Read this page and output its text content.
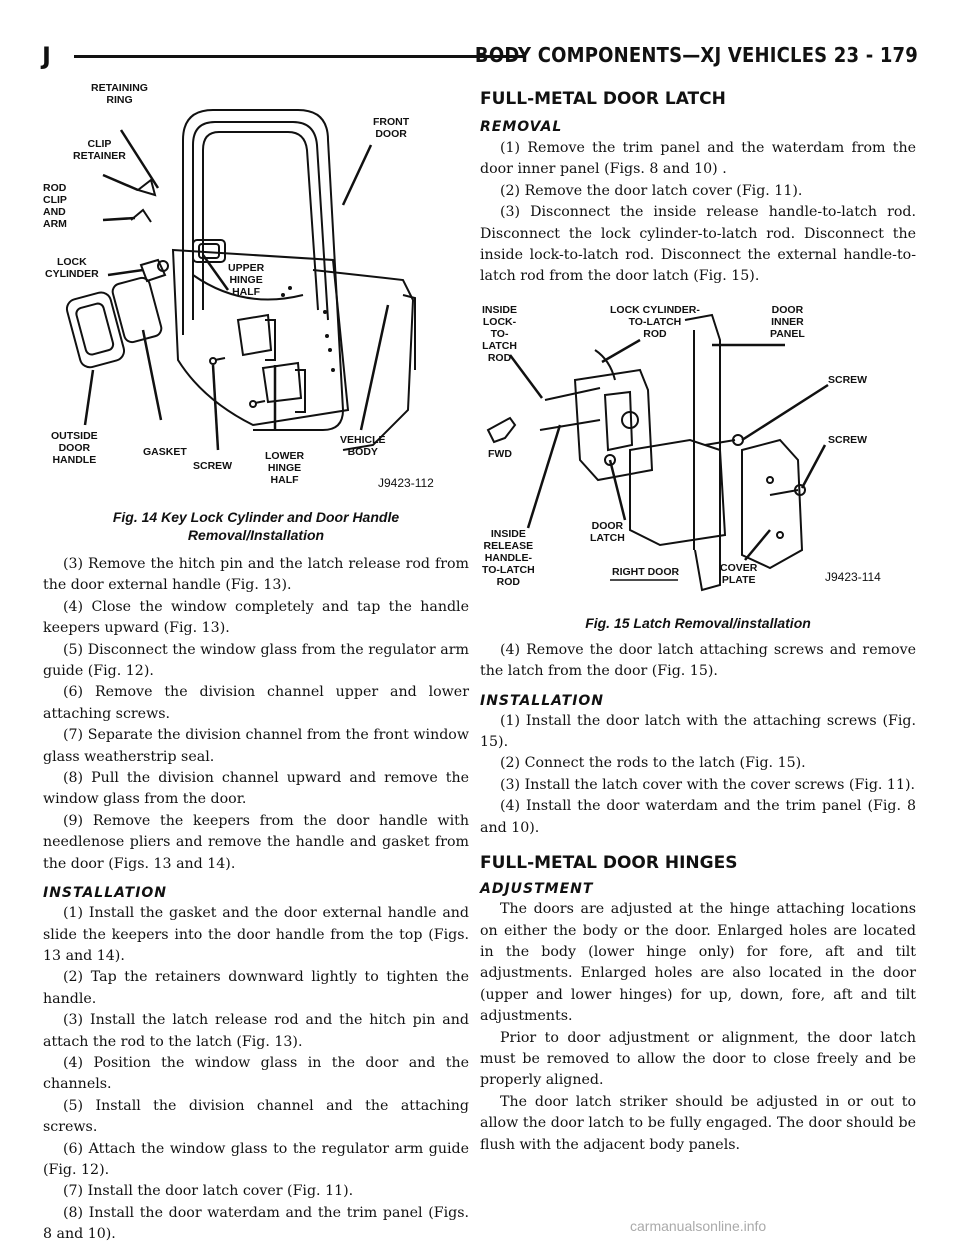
J	BODY COMPONENTS—XJ VEHICLES 23 - 179
RETAINING
RING
CLIP
RETAINER
ROD
CLIP
AND
ARM
LOCK
CYLINDER	UPPER
HINGE
HALF
FRONT
DOOR
OUTSIDE
DOOR
HANDLE
GASKET
SCREW
LOWER
HINGE
HALF
VEHICLE
BODY
J9423-112
Fig. 14 Key Lock Cylinder and Door Handle Removal/Installation

(3) Remove the hitch pin and the latch release rod from the door external handle (Fig. 13).

(4) Close the window completely and tap the handle keepers upward (Fig. 13).

(5) Disconnect the window glass from the regulator arm guide (Fig. 12).

(6) Remove the division channel upper and lower attaching screws.

(7) Separate the division channel from the front window glass weatherstrip seal.

(8) Pull the division channel upward and remove the window glass from the door.

(9) Remove the keepers from the door handle with needlenose pliers and remove the handle and gasket from the door (Figs. 13 and 14).

INSTALLATION

(1) Install the gasket and the door external handle and slide the keepers into the door handle from the top (Figs. 13 and 14).

(2) Tap the retainers downward lightly to tighten the handle.

(3) Install the latch release rod and the hitch pin and attach the rod to the latch (Fig. 13).

(4) Position the window glass in the door and the channels.

(5) Install the division channel and the attaching screws.

(6) Attach the window glass to the regulator arm guide (Fig. 12).

(7) Install the door latch cover (Fig. 11).

(8) Install the door waterdam and the trim panel (Figs. 8 and 10).

FULL-METAL DOOR LATCH
REMOVAL

(1) Remove the trim panel and the waterdam from the door inner panel (Figs. 8 and 10) .

(2) Remove the door latch cover (Fig. 11).

(3) Disconnect the inside release handle-to-latch rod. Disconnect the lock cylinder-to-latch rod. Disconnect the inside lock-to-latch rod. Disconnect the external handle-to-latch rod from the door latch (Fig. 15).

INSIDE
LOCK-
TO-
LATCH
ROD
LOCK CYLINDER-
TO-LATCH
ROD
DOOR
INNER
PANEL
SCREW
SCREW
FWD
INSIDE
RELEASE
HANDLE-
TO-LATCH
ROD
DOOR
LATCH
RIGHT DOOR	COVER
PLATE	J9423-114
Fig. 15 Latch Removal/installation

(4) Remove the door latch attaching screws and remove the latch from the door (Fig. 15).

INSTALLATION

(1) Install the door latch with the attaching screws (Fig. 15).

(2) Connect the rods to the latch (Fig. 15).

(3) Install the latch cover with the cover screws (Fig. 11).

(4) Install the door waterdam and the trim panel (Fig. 8 and 10).

FULL-METAL DOOR HINGES
ADJUSTMENT

The doors are adjusted at the hinge attaching locations on either the body or the door. Enlarged holes are located in the body (lower hinge only) for fore, aft and tilt adjustments. Enlarged holes are also located in the door (upper and lower hinges) for up, down, fore, aft and tilt adjustments.

Prior to door adjustment or alignment, the door latch must be removed to allow the door to close freely and be properly aligned.

The door latch striker should be adjusted in or out to allow the door latch to be fully engaged. The door should be flush with the adjacent body panels.

carmanualsonline.info
